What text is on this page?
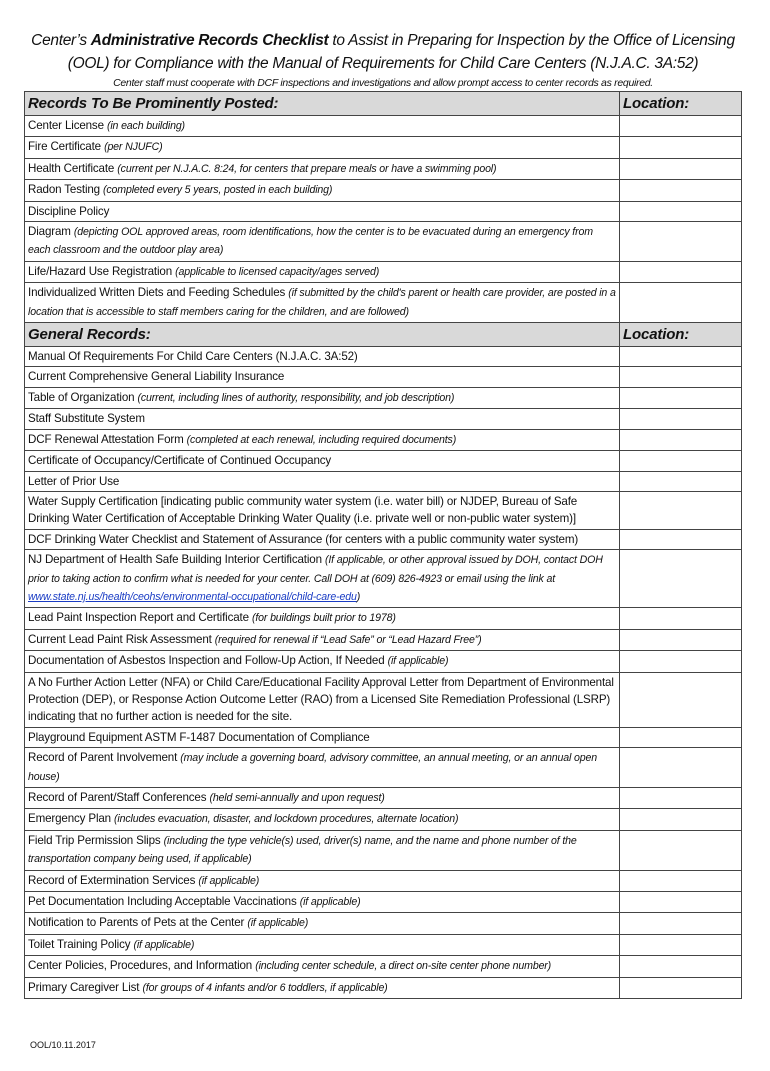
Center’s Administrative Records Checklist to Assist in Preparing for Inspection by the Office of Licensing
(OOL) for Compliance with the Manual of Requirements for Child Care Centers (N.J.A.C. 3A:52)
Center staff must cooperate with DCF inspections and investigations and allow prompt access to center records as required.
Records To Be Prominently Posted:	Location:
Center License (in each building)	
Fire Certificate (per NJUFC)	
Health Certificate (current per N.J.A.C. 8:24, for centers that prepare meals or have a swimming pool)	
Radon Testing (completed every 5 years, posted in each building)	
Discipline Policy	
Diagram (depicting OOL approved areas, room identifications, how the center is to be evacuated during an emergency from each classroom and the outdoor play area)	
Life/Hazard Use Registration (applicable to licensed capacity/ages served)	
Individualized Written Diets and Feeding Schedules (if submitted by the child's parent or health care provider, are posted in a location that is accessible to staff members caring for the children, and are followed)	
General Records:	Location:
Manual Of Requirements For Child Care Centers (N.J.A.C. 3A:52)	
Current Comprehensive General Liability Insurance	
Table of Organization (current, including lines of authority, responsibility, and job description)	
Staff Substitute System	
DCF Renewal Attestation Form (completed at each renewal, including required documents)	
Certificate of Occupancy/Certificate of Continued Occupancy	
Letter of Prior Use	
Water Supply Certification [indicating public community water system (i.e. water bill) or NJDEP, Bureau of Safe Drinking Water Certification of Acceptable Drinking Water Quality (i.e. private well or non-public water system)]	
DCF Drinking Water Checklist and Statement of Assurance (for centers with a public community water system)	
NJ Department of Health Safe Building Interior Certification (If applicable, or other approval issued by DOH, contact DOH prior to taking action to confirm what is needed for your center. Call DOH at (609) 826-4923 or email using the link at www.state.nj.us/health/ceohs/environmental-occupational/child-care-edu)	
Lead Paint Inspection Report and Certificate (for buildings built prior to 1978)	
Current Lead Paint Risk Assessment (required for renewal if “Lead Safe” or “Lead Hazard Free”)	
Documentation of Asbestos Inspection and Follow-Up Action, If Needed (if applicable)	
A No Further Action Letter (NFA) or Child Care/Educational Facility Approval Letter from Department of Environmental Protection (DEP), or Response Action Outcome Letter (RAO) from a Licensed Site Remediation Professional (LSRP) indicating that no further action is needed for the site.	
Playground Equipment ASTM F-1487 Documentation of Compliance	
Record of Parent Involvement (may include a governing board, advisory committee, an annual meeting, or an annual open house)	
Record of Parent/Staff Conferences (held semi-annually and upon request)	
Emergency Plan (includes evacuation, disaster, and lockdown procedures, alternate location)	
Field Trip Permission Slips (including the type vehicle(s) used, driver(s) name, and the name and phone number of the transportation company being used, if applicable)	
Record of Extermination Services (if applicable)	
Pet Documentation Including Acceptable Vaccinations (if applicable)	
Notification to Parents of Pets at the Center (if applicable)	
Toilet Training Policy (if applicable)	
Center Policies, Procedures, and Information (including center schedule, a direct on-site center phone number)	
Primary Caregiver List (for groups of 4 infants and/or 6 toddlers, if applicable)	
OOL/10.11.2017
